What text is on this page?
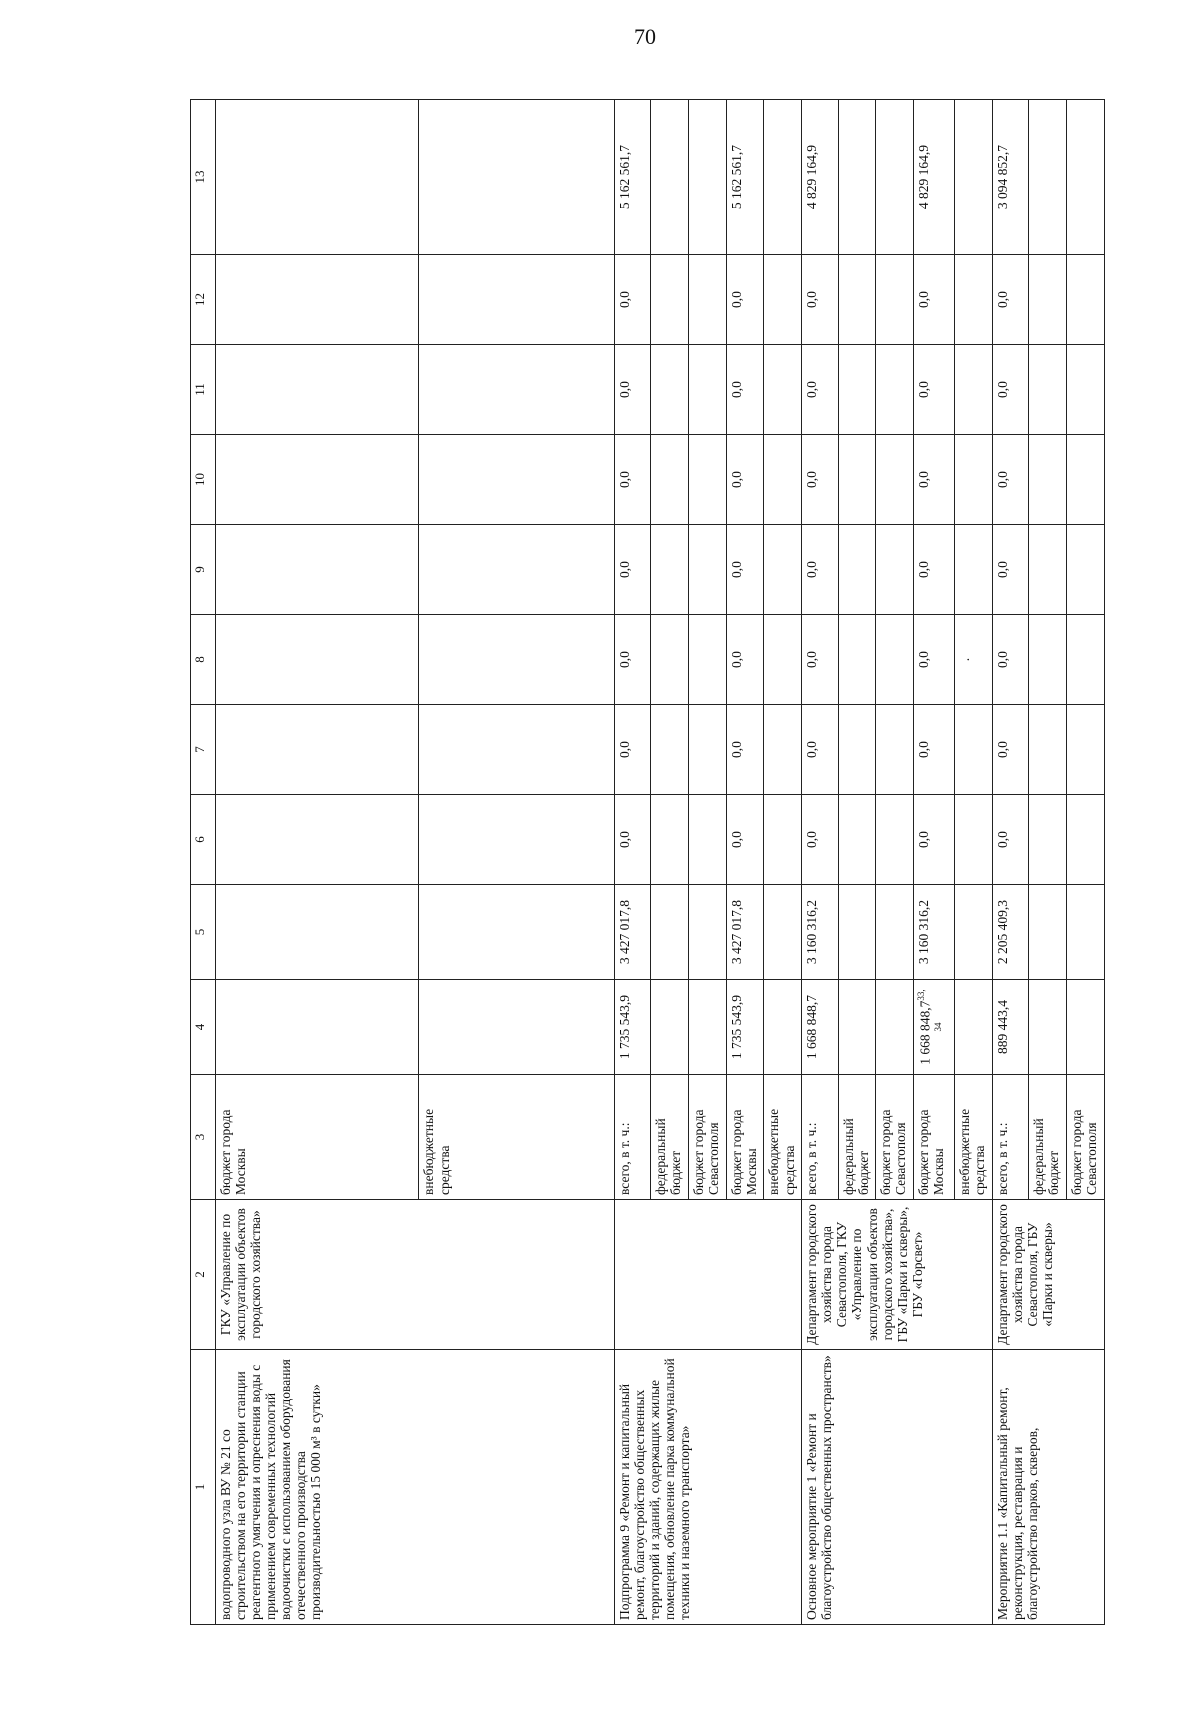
70
1	2	3	4	5	6	7	8	9	10	11	12	13
водопроводного узла ВУ № 21 со строительством на его территории станции реагентного умягчения и опреснения воды с применением современных технологий водоочистки с использованием оборудования отечественного производства производительностью 15 000 м³ в сутки»	ГКУ «Управление по эксплуатации объектов городского хозяйства»	бюджет города Москвы										
		внебюджетные средства										
Подпрограмма 9 «Ремонт и капитальный ремонт, благоустройство общественных территорий и зданий, содержащих жилые помещения, обновление парка коммунальной техники и наземного транспорта»		всего, в т. ч.:	1 735 543,9	3 427 017,8	0,0	0,0	0,0	0,0	0,0	0,0	0,0	5 162 561,7
		федеральный бюджет										
		бюджет города Севастополя										
		бюджет города Москвы	1 735 543,9	3 427 017,8	0,0	0,0	0,0	0,0	0,0	0,0	0,0	5 162 561,7
		внебюджетные средства										
Основное мероприятие 1 «Ремонт и благоустройство общественных пространств»	Департамент городского хозяйства города Севастополя, ГКУ «Управление по эксплуатации объектов городского хозяйства», ГБУ «Парки и скверы», ГБУ «Горсвет»	всего, в т. ч.:	1 668 848,7	3 160 316,2	0,0	0,0	0,0	0,0	0,0	0,0	0,0	4 829 164,9
		федеральный бюджет										
		бюджет города Севастополя										
		бюджет города Москвы	1 668 848,7$^{33, 34}$	3 160 316,2	0,0	0,0	0,0	0,0	0,0	0,0	0,0	4 829 164,9
		внебюджетные средства					.					
Мероприятие 1.1 «Капитальный ремонт, реконструкция, реставрация и благоустройство парков, скверов,	Департамент городского хозяйства города Севастополя, ГБУ «Парки и скверы»	всего, в т. ч.:	889 443,4	2 205 409,3	0,0	0,0	0,0	0,0	0,0	0,0	0,0	3 094 852,7
		федеральный бюджет										
		бюджет города Севастополя										
